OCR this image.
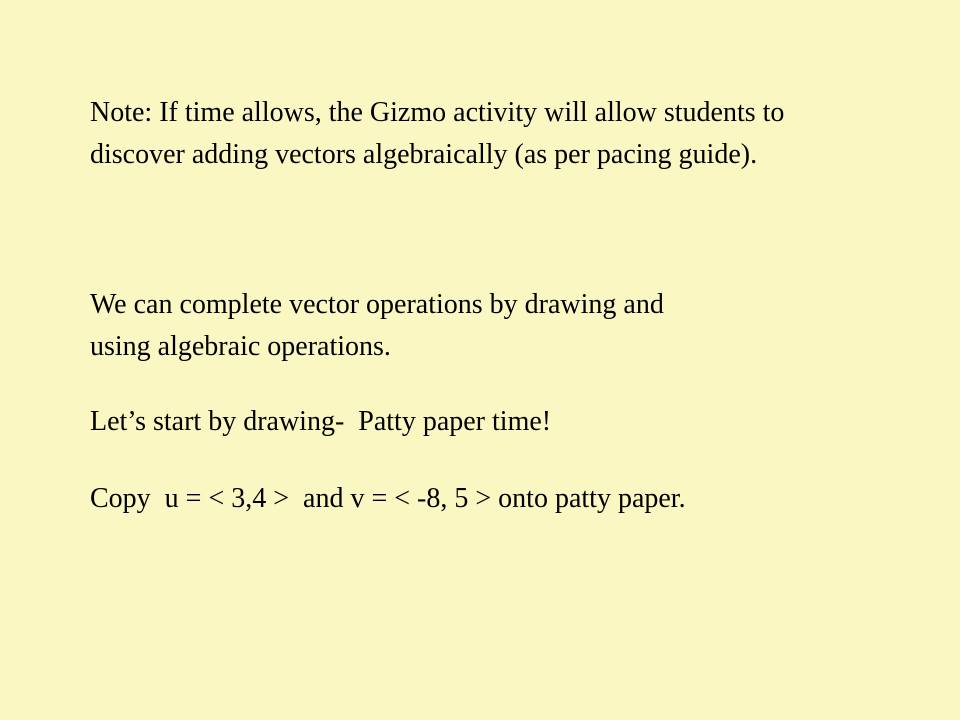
Note: If time allows, the Gizmo activity will allow students to
discover adding vectors algebraically (as per pacing guide).
We can complete vector operations by drawing and
using algebraic operations.
Let’s start by drawing-  Patty paper time!
Copy  u = < 3,4 >  and v = < -8, 5 > onto patty paper.
